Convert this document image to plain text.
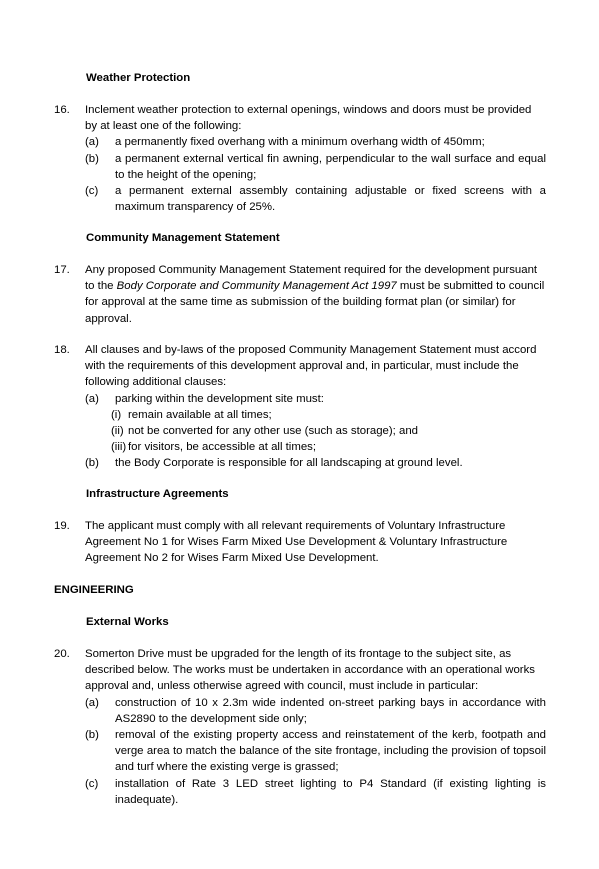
Weather Protection
16.	Inclement weather protection to external openings, windows and doors must be provided by at least one of the following:

(a) a permanently fixed overhang with a minimum overhang width of 450mm;
(b) a permanent external vertical fin awning, perpendicular to the wall surface and equal to the height of the opening;
(c) a permanent external assembly containing adjustable or fixed screens with a maximum transparency of 25%.
Community Management Statement
17.	Any proposed Community Management Statement required for the development pursuant to the Body Corporate and Community Management Act 1997 must be submitted to council for approval at the same time as submission of the building format plan (or similar) for approval.

18.	All clauses and by-laws of the proposed Community Management Statement must accord with the requirements of this development approval and, in particular, must include the following additional clauses:

(a) parking within the development site must:
(i) remain available at all times;
(ii) not be converted for any other use (such as storage); and
(iii) for visitors, be accessible at all times;
(b) the Body Corporate is responsible for all landscaping at ground level.
Infrastructure Agreements
19.	The applicant must comply with all relevant requirements of Voluntary Infrastructure Agreement No 1 for Wises Farm Mixed Use Development & Voluntary Infrastructure Agreement No 2 for Wises Farm Mixed Use Development.

ENGINEERING
External Works
20.	Somerton Drive must be upgraded for the length of its frontage to the subject site, as described below. The works must be undertaken in accordance with an operational works approval and, unless otherwise agreed with council, must include in particular:

(a) construction of 10 x 2.3m wide indented on-street parking bays in accordance with AS2890 to the development side only;
(b) removal of the existing property access and reinstatement of the kerb, footpath and verge area to match the balance of the site frontage, including the provision of topsoil and turf where the existing verge is grassed;
(c) installation of Rate 3 LED street lighting to P4 Standard (if existing lighting is inadequate).
